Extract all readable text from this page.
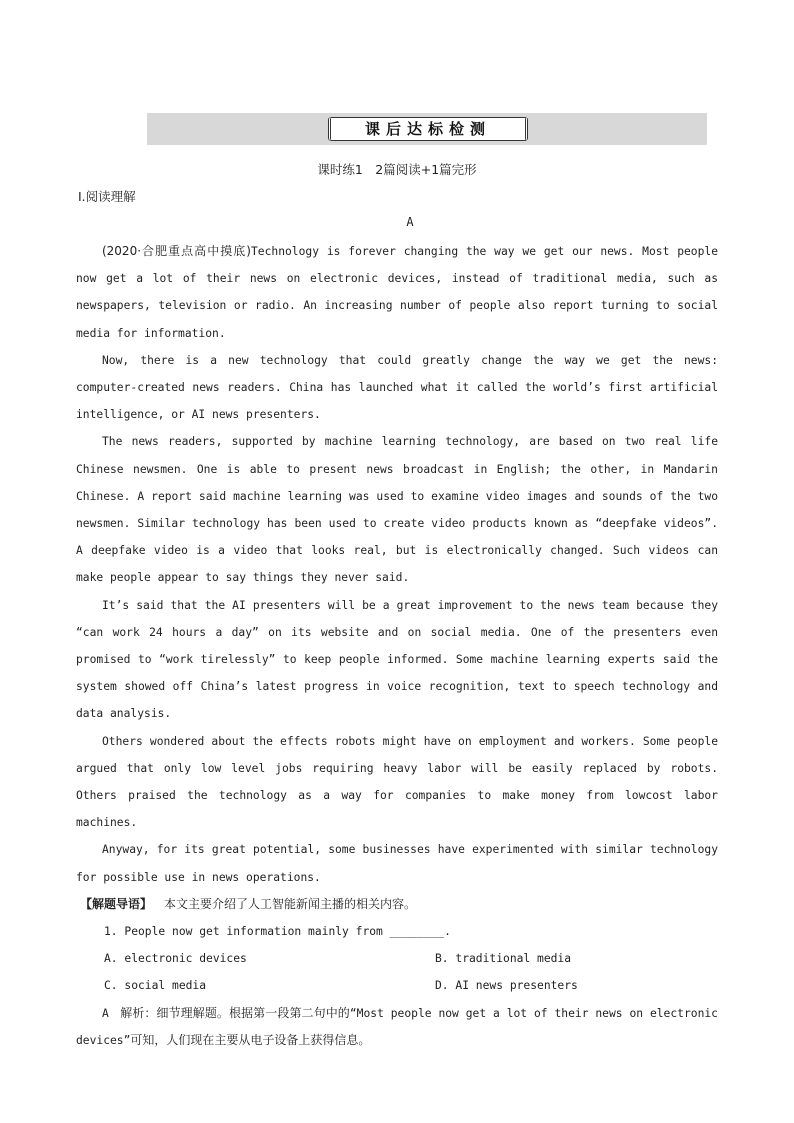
课后达标检测
课时练1　2篇阅读+1篇完形
Ⅰ.阅读理解
A

(2020·合肥重点高中摸底)Technology is forever changing the way we get our news. Most people now get a lot of their news on electronic devices, instead of traditional media, such as newspapers, television or radio. An increasing number of people also report turning to social media for information.

Now, there is a new technology that could greatly change the way we get the news: computer-created news readers. China has launched what it called the world’s first artificial intelligence, or AI news presenters.

The news readers, supported by machine learning technology, are based on two real life Chinese newsmen. One is able to present news broadcast in English; the other, in Mandarin Chinese. A report said machine learning was used to examine video images and sounds of the two newsmen. Similar technology has been used to create video products known as “deepfake videos”. A deepfake video is a video that looks real, but is electronically changed. Such videos can make people appear to say things they never said.

It’s said that the AI presenters will be a great improvement to the news team because they “can work 24 hours a day” on its website and on social media. One of the presenters even promised to “work tirelessly” to keep people informed. Some machine learning experts said the system showed off China’s latest progress in voice recognition, text to speech technology and data analysis.

Others wondered about the effects robots might have on employment and workers. Some people argued that only low level jobs requiring heavy labor will be easily replaced by robots. Others praised the technology as a way for companies to make money from lowcost labor machines.

Anyway, for its great potential, some businesses have experimented with similar technology for possible use in news operations.

【解题导语】 本文主要介绍了人工智能新闻主播的相关内容。
1. People now get information mainly from ________.
A. electronic devices	B. traditional media
C. social media	D. AI news presenters

A　 解析：细节理解题。根据第一段第二句中的“Most people now get a lot of their news on electronic devices”可知，人们现在主要从电子设备上获得信息。
